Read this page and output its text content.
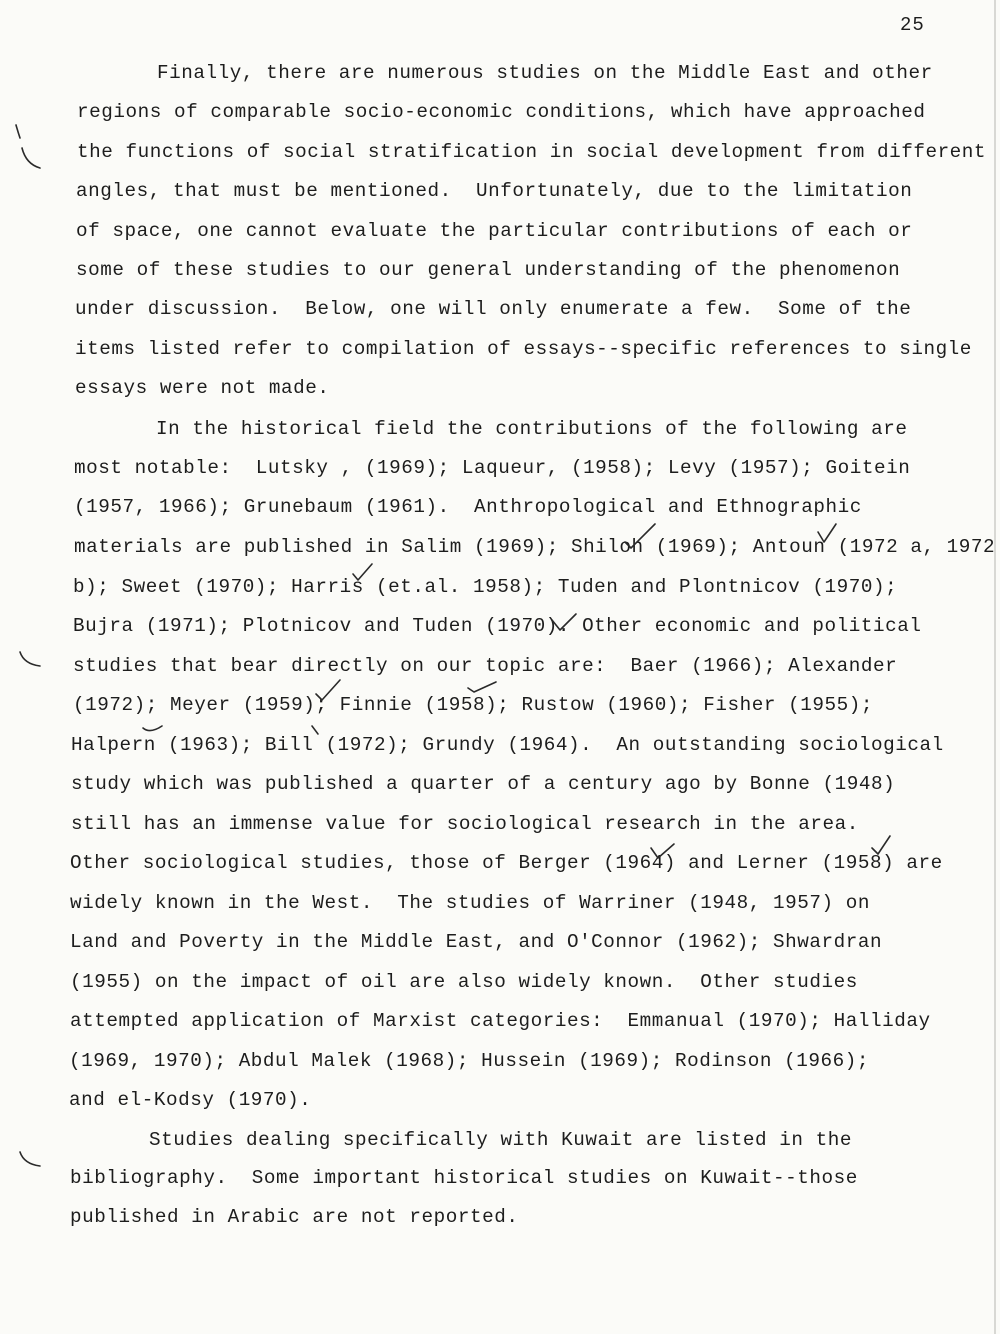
25
Finally, there are numerous studies on the Middle East and other
regions of comparable socio-economic conditions, which have approached
the functions of social stratification in social development from different
angles, that must be mentioned.  Unfortunately, due to the limitation
of space, one cannot evaluate the particular contributions of each or
some of these studies to our general understanding of the phenomenon
under discussion.  Below, one will only enumerate a few.  Some of the
items listed refer to compilation of essays--specific references to single
essays were not made.
In the historical field the contributions of the following are
most notable:  Lutsky , (1969); Laqueur, (1958); Levy (1957); Goitein
(1957, 1966); Grunebaum (1961).  Anthropological and Ethnographic
materials are published in Salim (1969); Shiloh (1969); Antoun (1972 a, 1972
b); Sweet (1970); Harris (et.al. 1958); Tuden and Plontnicov (1970);
Bujra (1971); Plotnicov and Tuden (1970). Other economic and political
studies that bear directly on our topic are:  Baer (1966); Alexander
(1972); Meyer (1959); Finnie (1958); Rustow (1960); Fisher (1955);
Halpern (1963); Bill (1972); Grundy (1964).  An outstanding sociological
study which was published a quarter of a century ago by Bonne (1948)
still has an immense value for sociological research in the area.
Other sociological studies, those of Berger (1964) and Lerner (1958) are
widely known in the West.  The studies of Warriner (1948, 1957) on
Land and Poverty in the Middle East, and O'Connor (1962); Shwardran
(1955) on the impact of oil are also widely known.  Other studies
attempted application of Marxist categories:  Emmanual (1970); Halliday
(1969, 1970); Abdul Malek (1968); Hussein (1969); Rodinson (1966);
and el-Kodsy (1970).
Studies dealing specifically with Kuwait are listed in the
bibliography.  Some important historical studies on Kuwait--those
published in Arabic are not reported.
